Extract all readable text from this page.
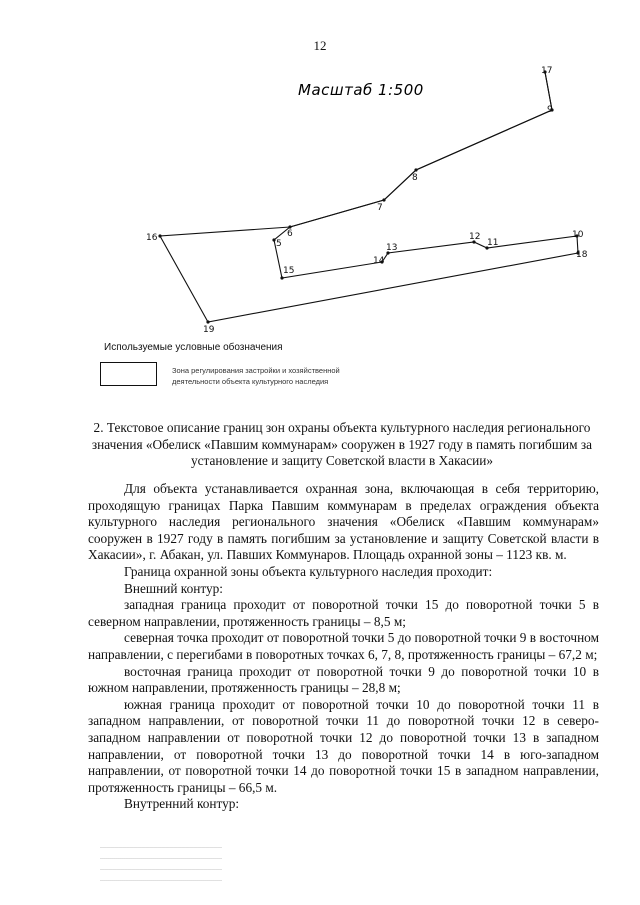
12
Масштаб 1:500
17
9
8
7
6
5
16
13
12
11
10
18
14
15
19
Используемые условные обозначения
Зона регулирования застройки и хозяйственной деятельности объекта культурного наследия
2. Текстовое описание границ зон охраны объекта культурного наследия регионального значения «Обелиск «Павшим коммунарам» сооружен в 1927 году в память погибшим за установление и защиту Советской власти в Хакасии»

Для объекта устанавливается охранная зона, включающая в себя территорию, проходящую границах Парка Павшим коммунарам в пределах ограждения объекта культурного наследия регионального значения «Обелиск «Павшим коммунарам» сооружен в 1927 году в память погибшим за установление и защиту Советской власти в Хакасии», г. Абакан, ул. Павших Коммунаров. Площадь охранной зоны – 1123 кв. м.

Граница охранной зоны объекта культурного наследия проходит:

Внешний контур:

западная граница проходит от поворотной точки 15 до поворотной точки 5 в северном направлении, протяженность границы – 8,5 м;

северная точка проходит от поворотной точки 5 до поворотной точки 9 в восточном направлении, с перегибами в поворотных точках 6, 7, 8, протяженность границы – 67,2 м;

восточная граница проходит от поворотной точки 9 до поворотной точки 10 в южном направлении, протяженность границы – 28,8 м;

южная граница проходит от поворотной точки 10 до поворотной точки 11 в западном направлении, от поворотной точки 11 до поворотной точки 12 в северо-западном направлении от поворотной точки 12 до поворотной точки 13 в западном направлении, от поворотной точки 13 до поворотной точки 14 в юго-западном направлении, от поворотной точки 14 до поворотной точки 15 в западном направлении, протяженность границы – 66,5 м.

Внутренний контур:
